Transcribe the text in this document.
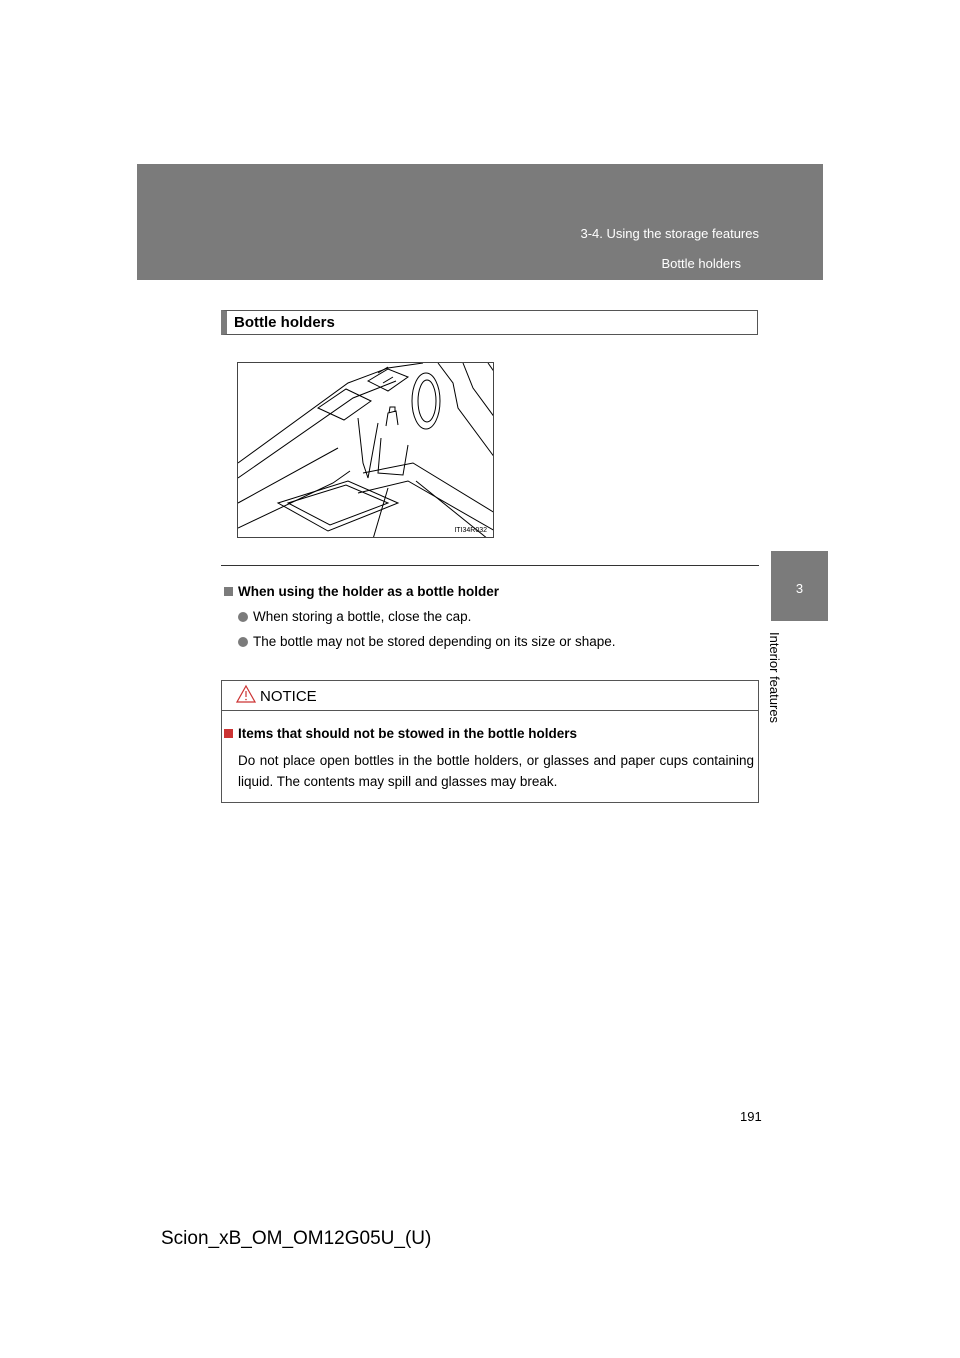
3-4. Using the storage features
Bottle holders
3
Interior features
Bottle holders
ITI34R032
When using the holder as a bottle holder
When storing a bottle, close the cap.
The bottle may not be stored depending on its size or shape.
NOTICE
Items that should not be stowed in the bottle holders
Do not place open bottles in the bottle holders, or glasses and paper cups containing liquid. The contents may spill and glasses may break.
191
Scion_xB_OM_OM12G05U_(U)
